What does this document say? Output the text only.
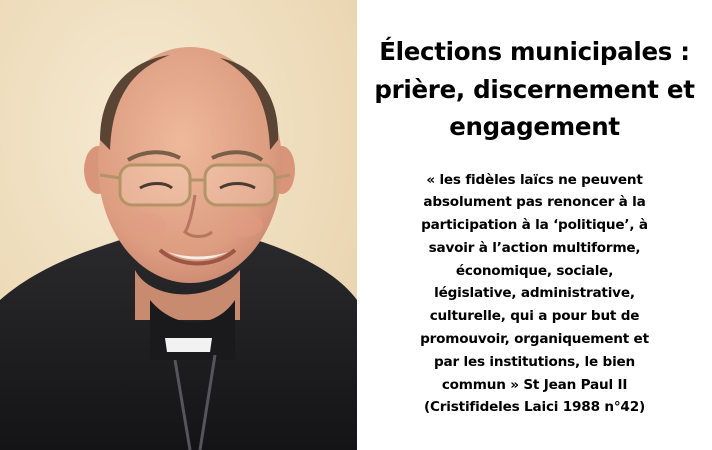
Élections municipales :
prière, discernement et
engagement
« les fidèles laïcs ne peuvent
absolument pas renoncer à la
participation à la ‘politique’, à
savoir à l’action multiforme,
économique, sociale,
législative, administrative,
culturelle, qui a pour but de
promouvoir, organiquement et
par les institutions, le bien
commun » St Jean Paul II
(Cristifideles Laici 1988 n°42)
